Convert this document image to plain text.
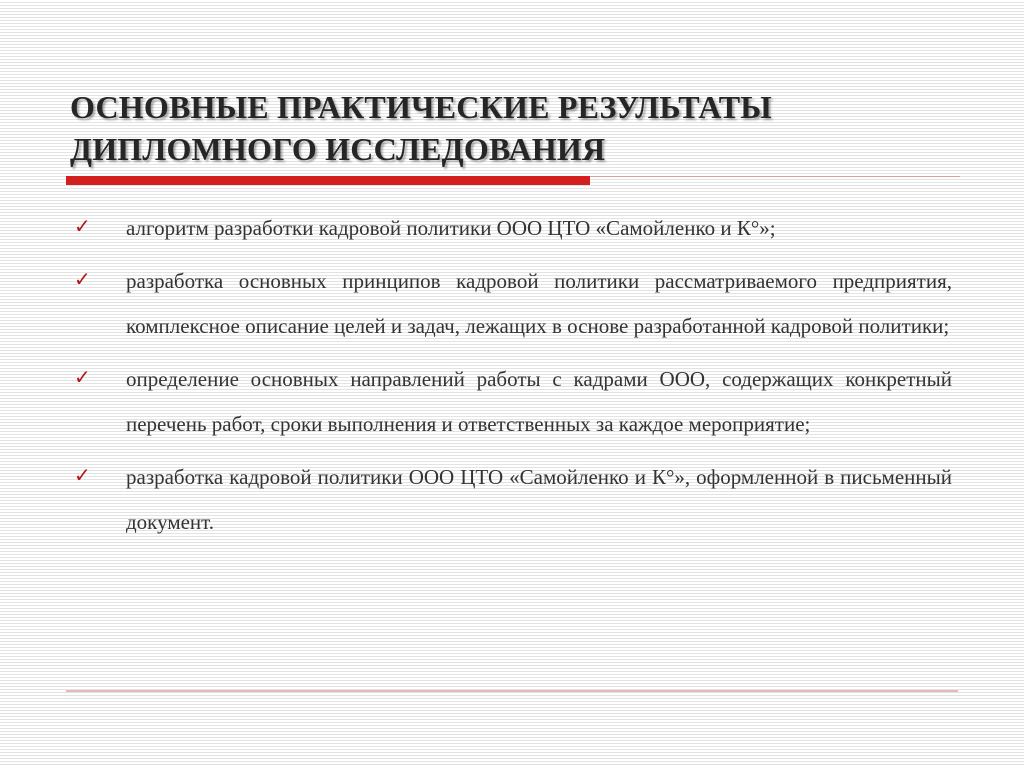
ОСНОВНЫЕ ПРАКТИЧЕСКИЕ РЕЗУЛЬТАТЫ ДИПЛОМНОГО ИССЛЕДОВАНИЯ
✓ алгоритм разработки кадровой политики ООО ЦТО «Самойленко и К°»;
✓ разработка основных принципов кадровой политики рассматриваемого предприятия, комплексное описание целей и задач, лежащих в основе разработанной кадровой политики;
✓ определение основных направлений работы с кадрами ООО, содержащих конкретный перечень работ, сроки выполнения и ответственных за каждое мероприятие;
✓ разработка кадровой политики ООО ЦТО «Самойленко и К°», оформленной в письменный документ.
